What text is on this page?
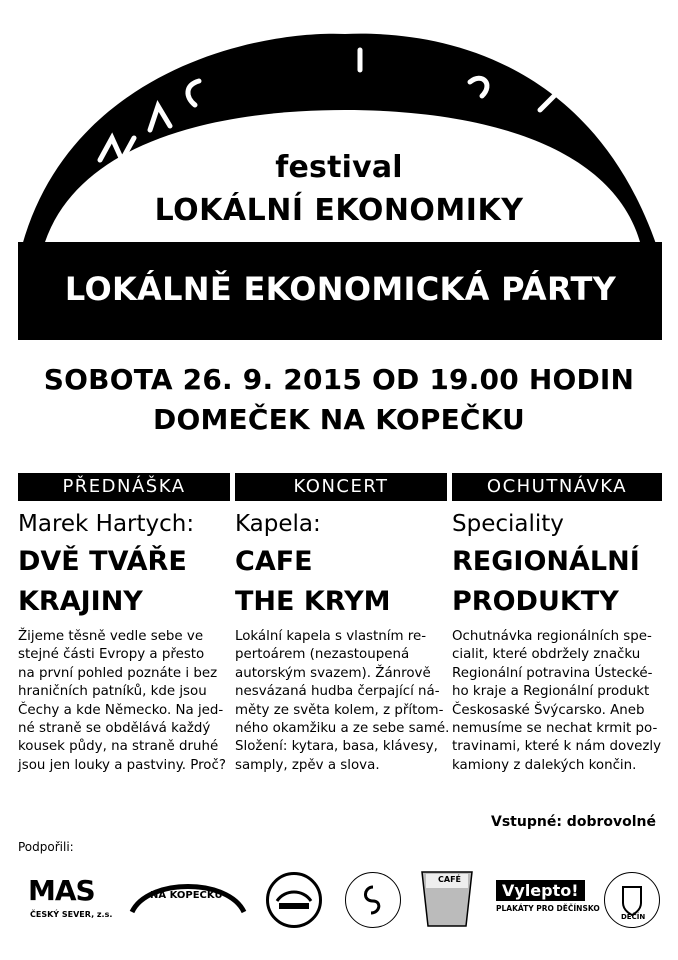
festival
LOKÁLNÍ EKONOMIKY
LOKÁLNĚ EKONOMICKÁ PÁRTY
SOBOTA 26. 9. 2015 OD 19.00 HODIN
DOMEČEK NA KOPEČKU
PŘEDNÁŠKA	KONCERT	OCHUTNÁVKA
Marek Hartych:
DVĚ TVÁŘE
KRAJINY
Žijeme těsně vedle sebe ve
stejné části Evropy a přesto
na první pohled poznáte i bez
hraničních patníků, kde jsou
Čechy a kde Německo. Na jed-
né straně se obdělává každý
kousek půdy, na straně druhé
jsou jen louky a pastviny. Proč?
Kapela:
CAFE
THE KRYM
Lokální kapela s vlastním re-
pertoárem (nezastoupená
autorským svazem). Žánrově
nesvázaná hudba čerpající ná-
měty ze světa kolem, z přítom-
ného okamžiku a ze sebe samé.
Složení: kytara, basa, klávesy,
samply, zpěv a slova.
Speciality
REGIONÁLNÍ
PRODUKTY
Ochutnávka regionálních spe-
cialit, které obdržely značku
Regionální potravina Ústecké-
ho kraje a Regionální produkt
Českosaské Švýcarsko. Aneb
nemusíme se nechat krmit po-
travinami, které k nám dovezly
kamiony z dalekých končin.
Vstupné: dobrovolné
Podpořili:
MAS
ČESKÝ SEVER, z.s.
NA KOPEČKU
CAFÉ
Vylepto!
PLAKÁTY PRO DĚČÍNSKO
DĚČÍN
